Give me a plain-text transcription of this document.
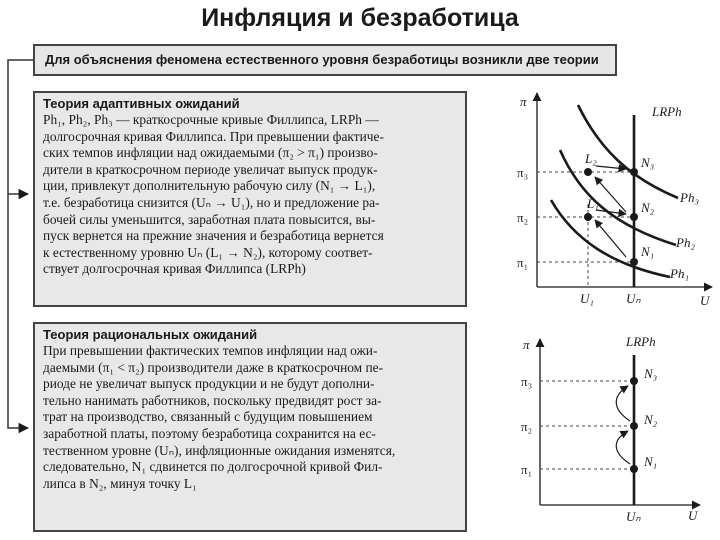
Инфляция и безработица
Для объяснения феномена естественного уровня безработицы возникли две теории
Теория адаптивных ожиданий
Ph₁, Ph₂, Ph₃ — краткосрочные кривые Филлипса, LRPh —
долгосрочная кривая Филлипса. При превышении фактиче-
ских темпов инфляции над ожидаемыми (π₂ > π₁) произво-
дители в краткосрочном периоде увеличат выпуск продук-
ции, привлекут дополнительную рабочую силу (N₁ → L₁),
т.е. безработица снизится (Uₙ → U₁), но и предложение ра-
бочей силы уменьшится, заработная плата повысится, вы-
пуск вернется на прежние значения и безработица вернется
к естественному уровню Uₙ (L₁ → N₂), которому соответ-
ствует долгосрочная кривая Филлипса (LRPh)
Теория рациональных ожиданий
При превышении фактических темпов инфляции над ожи-
даемыми (π₁ < π₂) производители даже в краткосрочном пе-
риоде не увеличат выпуск продукции и не будут дополни-
тельно нанимать работников, поскольку предвидят рост за-
трат на производство, связанный с будущим повышением
заработной платы, поэтому безработица сохранится на ес-
тественном уровне (Uₙ), инфляционные ожидания изменятся,
следовательно, N₁ сдвинется по долгосрочной кривой Фил-
липса в N₂, минуя точку L₁
π
U
LRPh
π₃
π₂
π₁
U₁ Uₙ
L₂
L₁
N₃
N₂
N₁
Ph₃
Ph₂
Ph₁
π
U
LRPh
π₃
π₂
π₁
Uₙ
N₃
N₂
N₁
